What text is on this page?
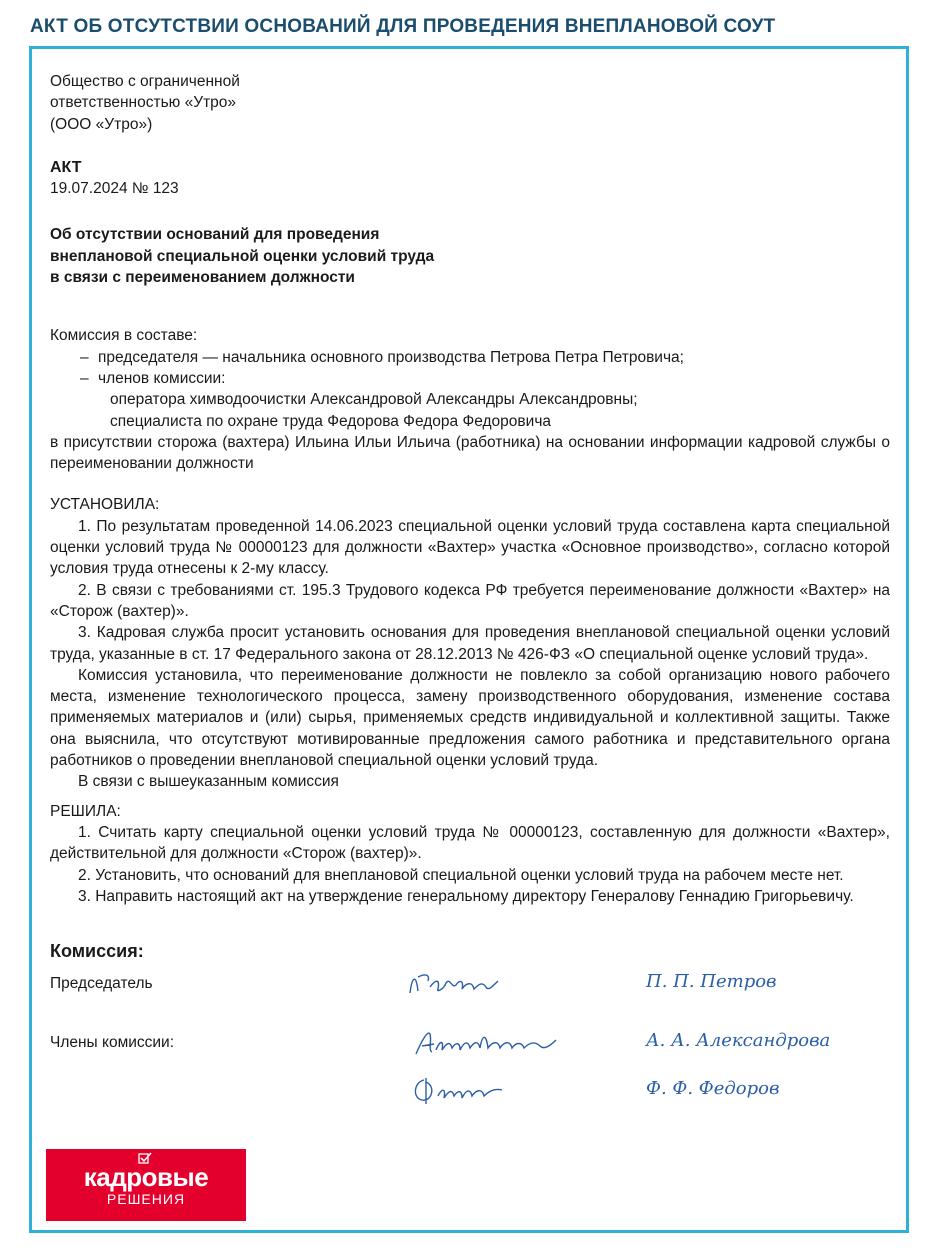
АКТ ОБ ОТСУТСТВИИ ОСНОВАНИЙ ДЛЯ ПРОВЕДЕНИЯ ВНЕПЛАНОВОЙ СОУТ
Общество с ограниченной
ответственностью «Утро»
(ООО «Утро»)
АКТ
19.07.2024 № 123
Об отсутствии оснований для проведения
внеплановой специальной оценки условий труда
в связи с переименованием должности
Комиссия в составе:
– председателя — начальника основного производства Петрова Петра Петровича;
– членов комиссии:
оператора химводоочистки Александровой Александры Александровны;
специалиста по охране труда Федорова Федора Федоровича
в присутствии сторожа (вахтера) Ильина Ильи Ильича (работника) на основании информации кадровой службы о переименовании должности
УСТАНОВИЛА:
1. По результатам проведенной 14.06.2023 специальной оценки условий труда составлена карта специальной оценки условий труда № 00000123 для должности «Вахтер» участка «Основное производство», согласно которой условия труда отнесены к 2-му классу.
2. В связи с требованиями ст. 195.3 Трудового кодекса РФ требуется переименование должности «Вахтер» на «Сторож (вахтер)».
3. Кадровая служба просит установить основания для проведения внеплановой специальной оценки условий труда, указанные в ст. 17 Федерального закона от 28.12.2013 № 426-ФЗ «О специальной оценке условий труда».
Комиссия установила, что переименование должности не повлекло за собой организацию нового рабочего места, изменение технологического процесса, замену производственного оборудования, изменение состава применяемых материалов и (или) сырья, применяемых средств индивидуальной и коллективной защиты. Также она выяснила, что отсутствуют мотивированные предложения самого работника и представительного органа работников о проведении внеплановой специальной оценки условий труда.
В связи с вышеуказанным комиссия
РЕШИЛА:
1. Считать карту специальной оценки условий труда № 00000123, составленную для должности «Вахтер», действительной для должности «Сторож (вахтер)».
2. Установить, что оснований для внеплановой специальной оценки условий труда на рабочем месте нет.
3. Направить настоящий акт на утверждение генеральному директору Генералову Геннадию Григорьевичу.
Комиссия:
Председатель	П. П. Петров
Члены комиссии:	А. А. Александрова
Ф. Ф. Федоров
кадровые
РЕШЕНИЯ
